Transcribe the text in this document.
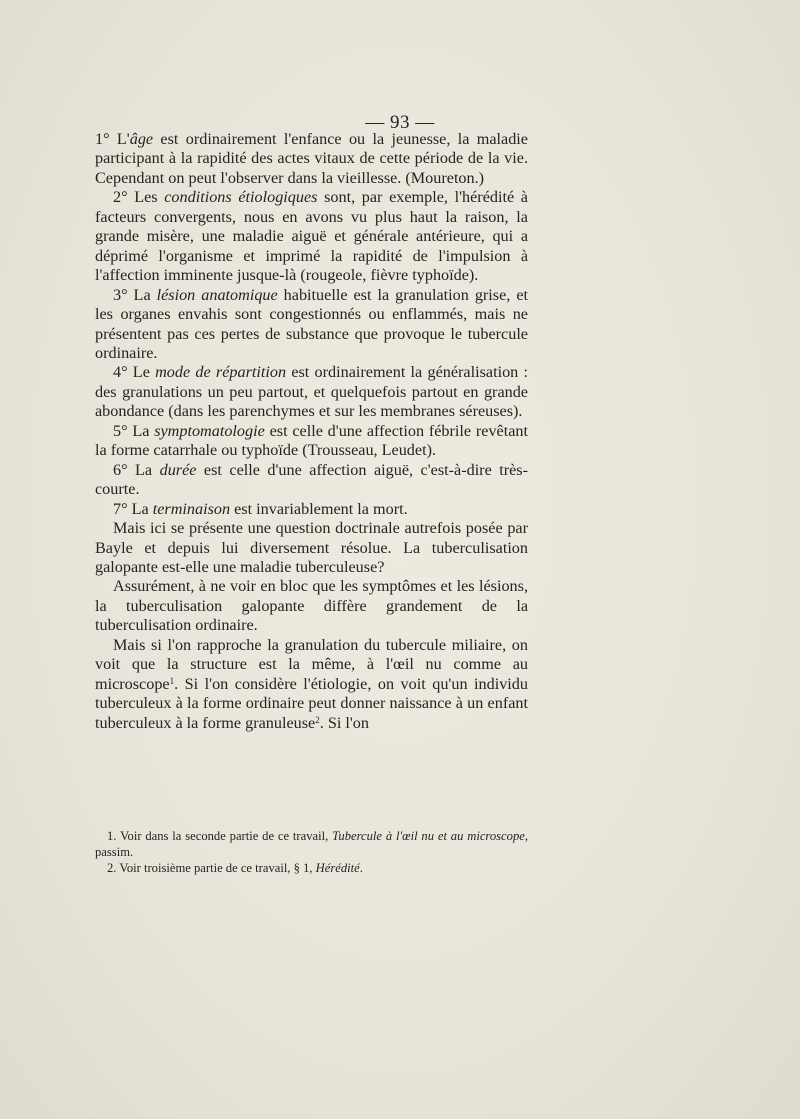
— 93 —

1° L'âge est ordinairement l'enfance ou la jeunesse, la maladie participant à la rapidité des actes vitaux de cette période de la vie. Cependant on peut l'observer dans la vieillesse. (Moureton.)

2° Les conditions étiologiques sont, par exemple, l'hérédité à facteurs convergents, nous en avons vu plus haut la raison, la grande misère, une maladie aiguë et générale antérieure, qui a déprimé l'organisme et imprimé la rapidité de l'impulsion à l'affection imminente jusque-là (rougeole, fièvre typhoïde).

3° La lésion anatomique habituelle est la granulation grise, et les organes envahis sont congestionnés ou enflammés, mais ne présentent pas ces pertes de substance que provoque le tubercule ordinaire.

4° Le mode de répartition est ordinairement la généralisation : des granulations un peu partout, et quelquefois partout en grande abondance (dans les parenchymes et sur les membranes séreuses).

5° La symptomatologie est celle d'une affection fébrile revêtant la forme catarrhale ou typhoïde (Trousseau, Leudet).

6° La durée est celle d'une affection aiguë, c'est-à-dire très-courte.

7° La terminaison est invariablement la mort.

Mais ici se présente une question doctrinale autrefois posée par Bayle et depuis lui diversement résolue. La tuberculisation galopante est-elle une maladie tuberculeuse?

Assurément, à ne voir en bloc que les symptômes et les lésions, la tuberculisation galopante diffère grandement de la tuberculisation ordinaire.

Mais si l'on rapproche la granulation du tubercule miliaire, on voit que la structure est la même, à l'œil nu comme au microscope$^1$. Si l'on considère l'étiologie, on voit qu'un individu tuberculeux à la forme ordinaire peut donner naissance à un enfant tuberculeux à la forme granuleuse$^2$. Si l'on

1. Voir dans la seconde partie de ce travail, Tubercule à l'œil nu et au microscope, passim.

2. Voir troisième partie de ce travail, § 1, Hérédité.
